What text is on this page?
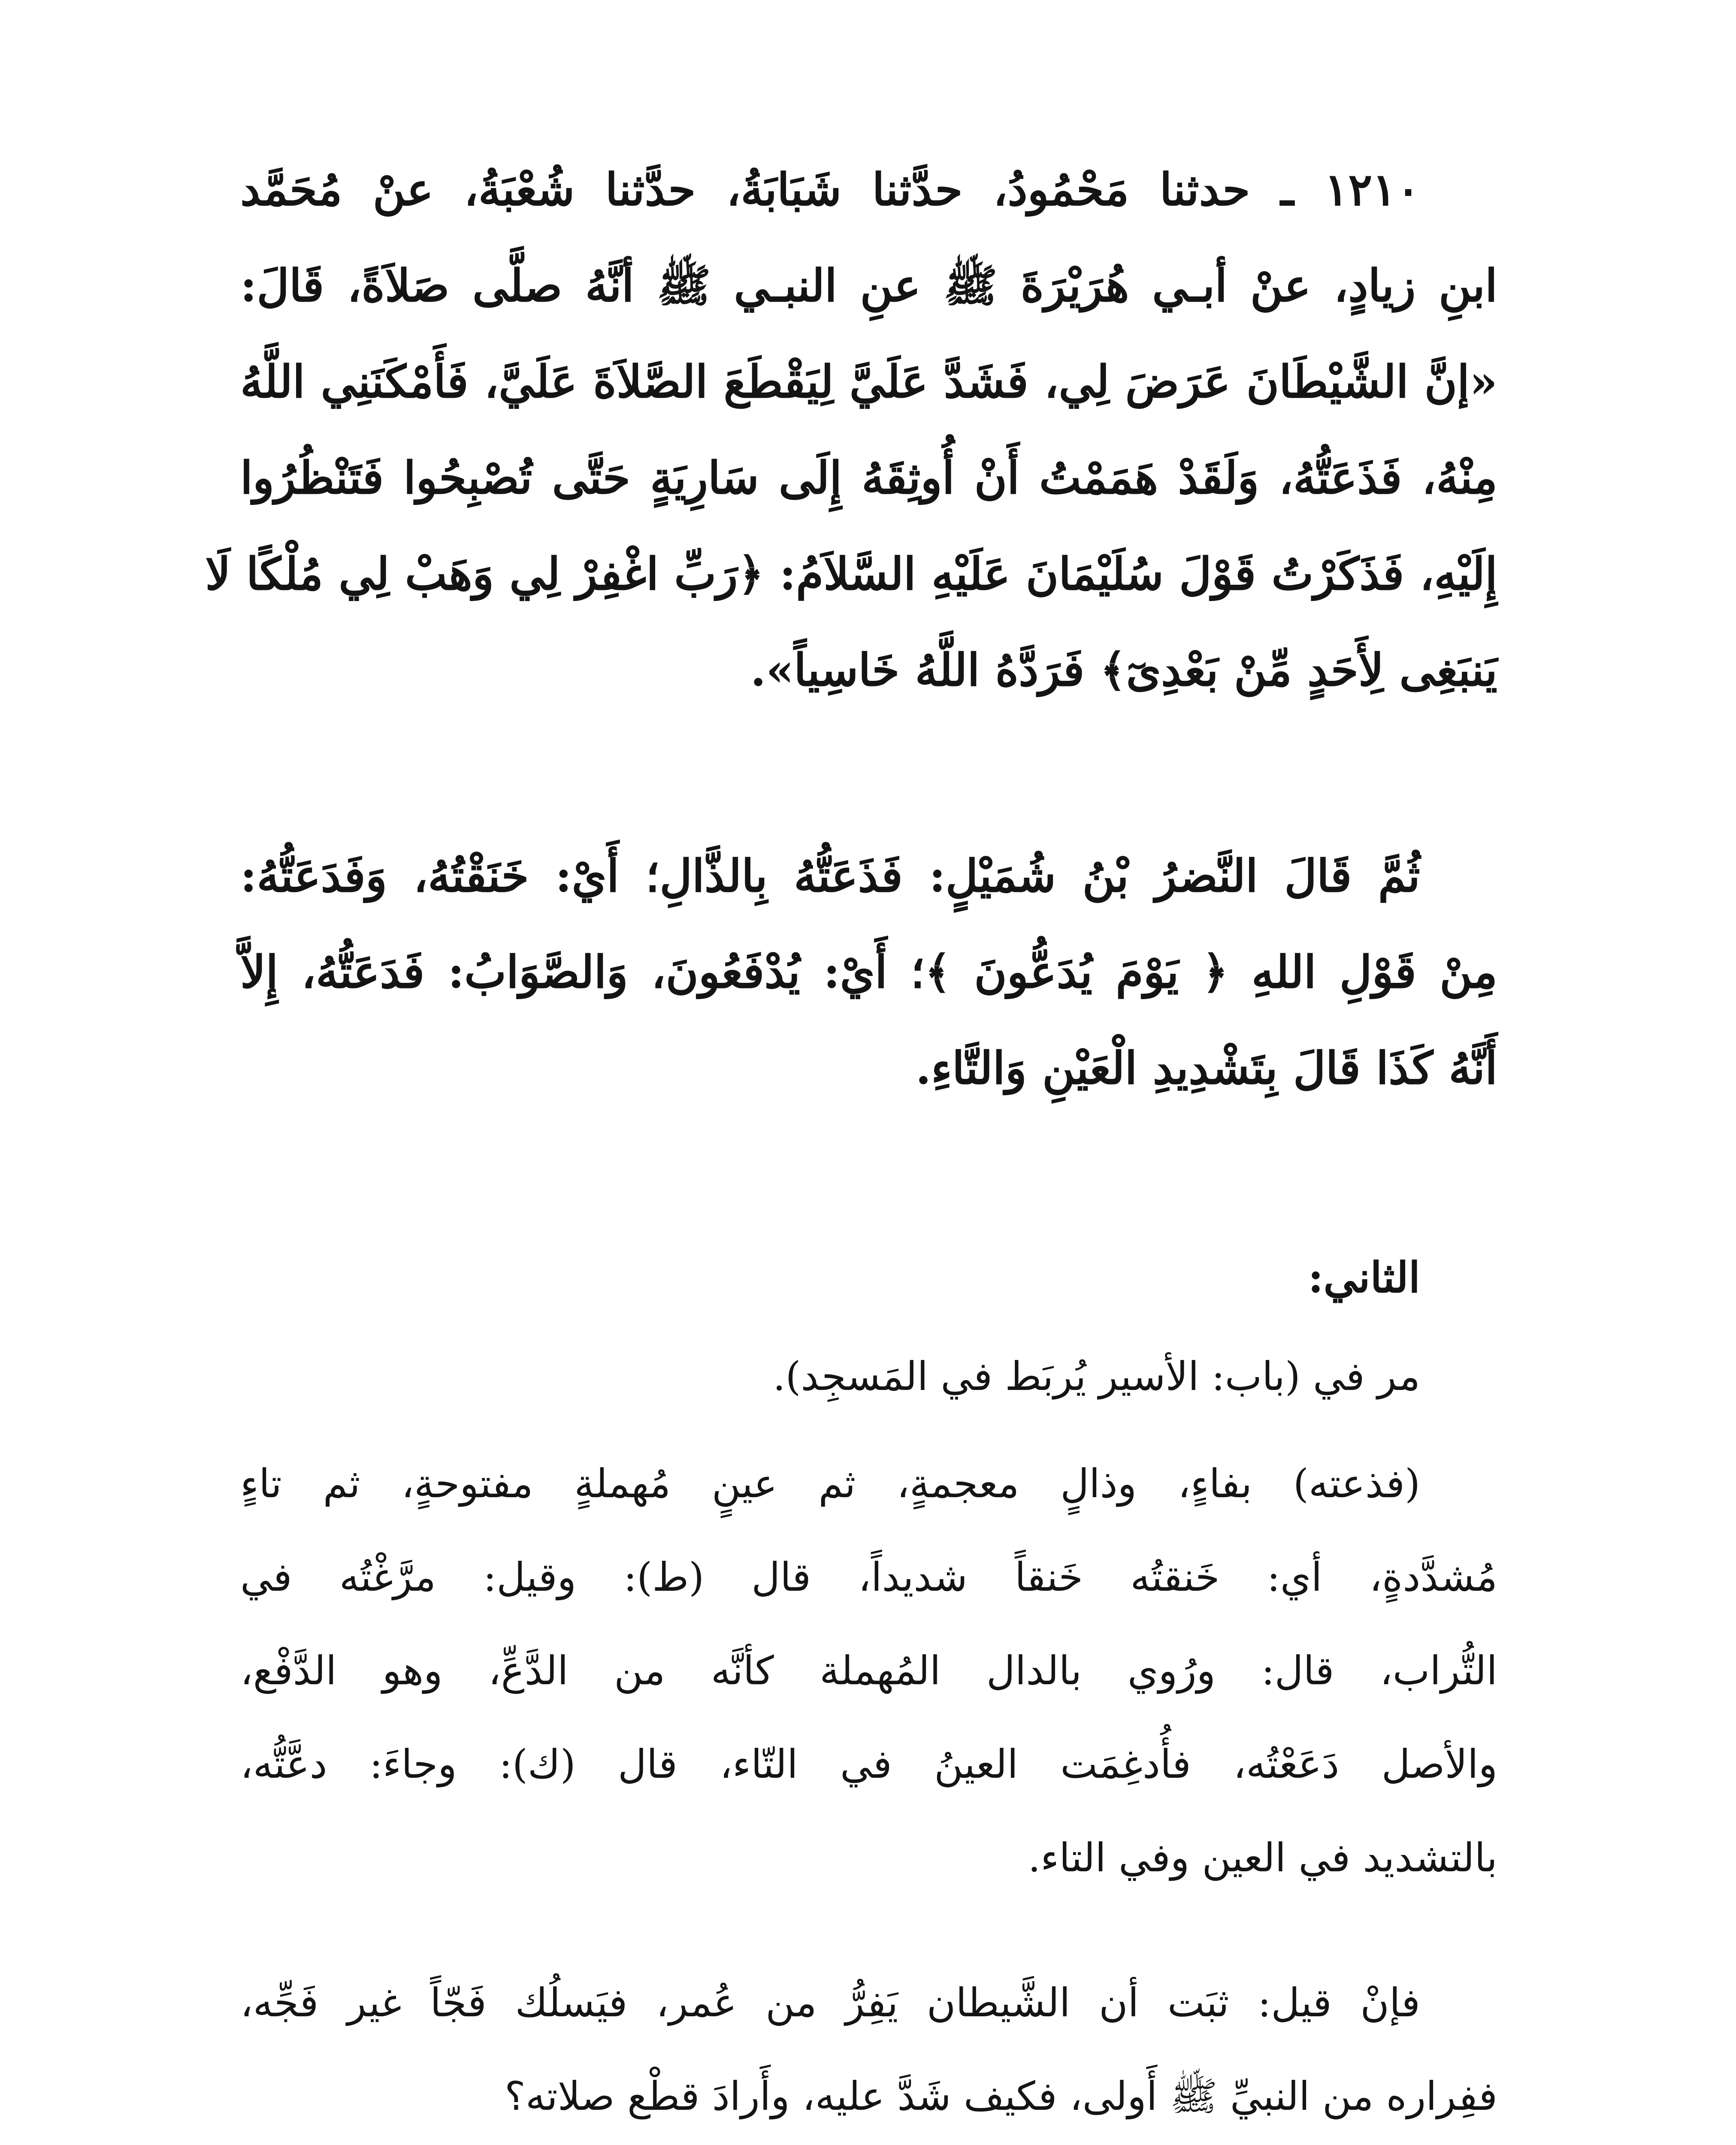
١٢١٠ ـ حدثنا مَحْمُودُ، حدَّثنا شَبَابَةُ، حدَّثنا شُعْبَةُ، عنْ مُحَمَّد
ابنِ زيادٍ، عنْ أبـي هُرَيْرَةَ ﷺ عنِ النبـي ﷺ أنَّهُ صلَّى صَلاَةً، قَالَ:
«إنَّ الشَّيْطَانَ عَرَضَ لِي، فَشَدَّ عَلَيَّ لِيَقْطَعَ الصَّلاَةَ عَلَيَّ، فَأَمْكَنَنِي اللَّهُ
مِنْهُ، فَذَعَتُّهُ، وَلَقَدْ هَمَمْتُ أَنْ أُوثِقَهُ إِلَى سَارِيَةٍ حَتَّى تُصْبِحُوا فَتَنْظُرُوا
إِلَيْهِ، فَذَكَرْتُ قَوْلَ سُلَيْمَانَ عَلَيْهِ السَّلاَمُ: ﴿رَبِّ اغْفِرْ لِي وَهَبْ لِي مُلْكًا لَا
يَنبَغِى لِأَحَدٍ مِّنْ بَعْدِىٓ﴾ فَرَدَّهُ اللَّهُ خَاسِياً».
ثُمَّ قَالَ النَّضرُ بْنُ شُمَيْلٍ: فَذَعَتُّهُ بِالذَّالِ؛ أَيْ: خَنَقْتُهُ، وَفَدَعَتُّهُ:
مِنْ قَوْلِ اللهِ ﴿ يَوْمَ يُدَعُّونَ ﴾؛ أَيْ: يُدْفَعُونَ، وَالصَّوَابُ: فَدَعَتُّهُ، إِلاَّ
أَنَّهُ كَذَا قَالَ بِتَشْدِيدِ الْعَيْنِ وَالتَّاءِ.
الثاني:
مر في (باب: الأسير يُربَط في المَسجِد).
(فذعته) بفاءٍ، وذالٍ معجمةٍ، ثم عينٍ مُهملةٍ مفتوحةٍ، ثم تاءٍ
مُشدَّدةٍ، أي: خَنقتُه خَنقاً شديداً، قال (ط): وقيل: مرَّغْتُه في
التُّراب، قال: ورُوي بالدال المُهملة كأنَّه من الدَّعِّ، وهو الدَّفْع،
والأصل دَعَعْتُه، فأُدغِمَت العينُ في التّاء، قال (ك): وجاءَ: دعَّتُّه،
بالتشديد في العين وفي التاء.
فإنْ قيل: ثبَت أن الشَّيطان يَفِرُّ من عُمر، فيَسلُك فَجّاً غير فَجِّه،
ففِراره من النبيِّ ﷺ أَولى، فكيف شَدَّ عليه، وأَرادَ قطْع صلاته؟
